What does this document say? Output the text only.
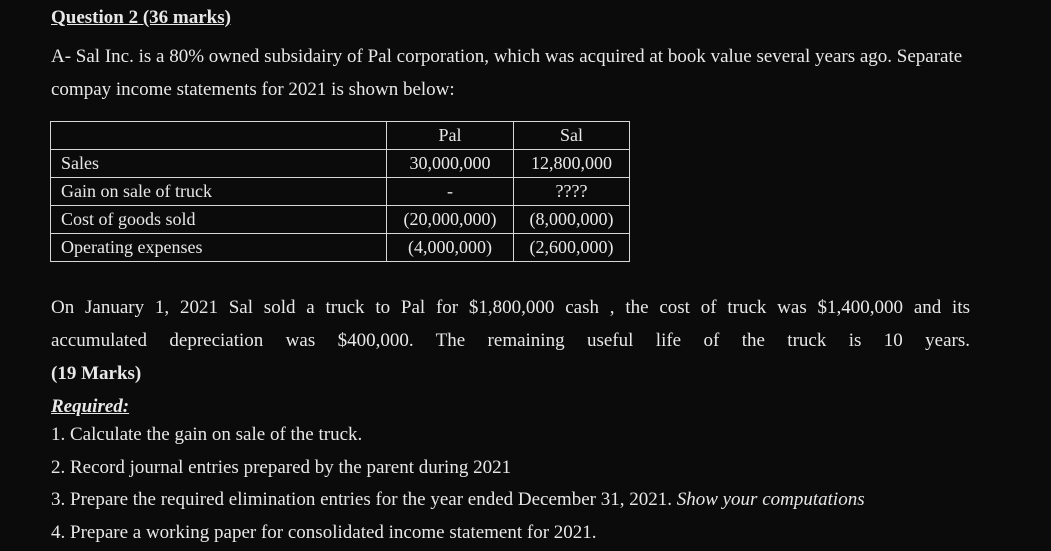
Question 2 (36 marks)
A- Sal Inc. is a 80% owned subsidairy of Pal corporation, which was acquired at book value several years ago. Separate compay income statements for 2021 is shown below:
	Pal	Sal
Sales	30,000,000	12,800,000
Gain on sale of truck	-	????
Cost of goods sold	(20,000,000)	(8,000,000)
Operating expenses	(4,000,000)	(2,600,000)
On January 1, 2021 Sal sold a truck to Pal for $1,800,000 cash , the cost of truck was $1,400,000 and its
accumulated depreciation was $400,000. The remaining useful life of the truck is 10 years.
(19 Marks)
Required:
1. Calculate the gain on sale of the truck.
2. Record journal entries prepared by the parent during 2021
3. Prepare the required elimination entries for the year ended December 31, 2021. Show your computations
4. Prepare a working paper for consolidated income statement for 2021.
